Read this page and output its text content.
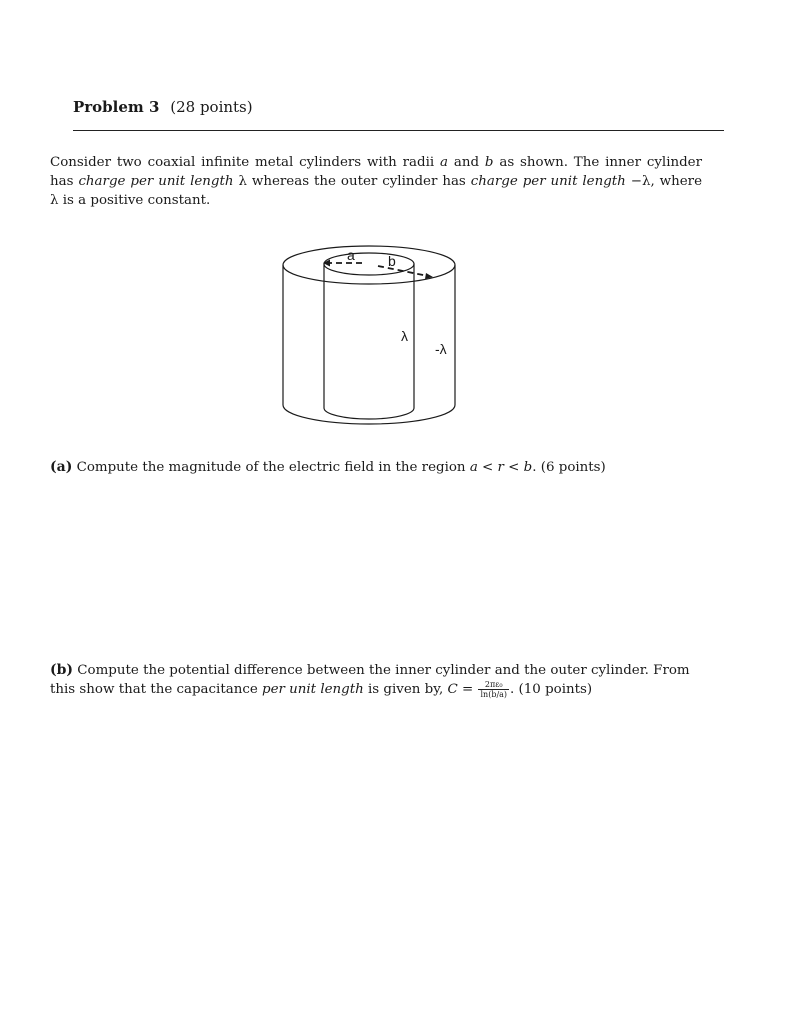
Problem 3 (28 points)
Consider two coaxial infinite metal cylinders with radii a and b as shown. The inner cylinder has charge per unit length λ whereas the outer cylinder has charge per unit length −λ, where λ is a positive constant.
a b
λ
-λ
(a) Compute the magnitude of the electric field in the region a < r < b. (6 points)
(b) Compute the potential difference between the inner cylinder and the outer cylinder. From this show that the capacitance per unit length is given by, $C = \frac{\text{2πε₀}}{\ln(b/a)}$ . (10 points)
